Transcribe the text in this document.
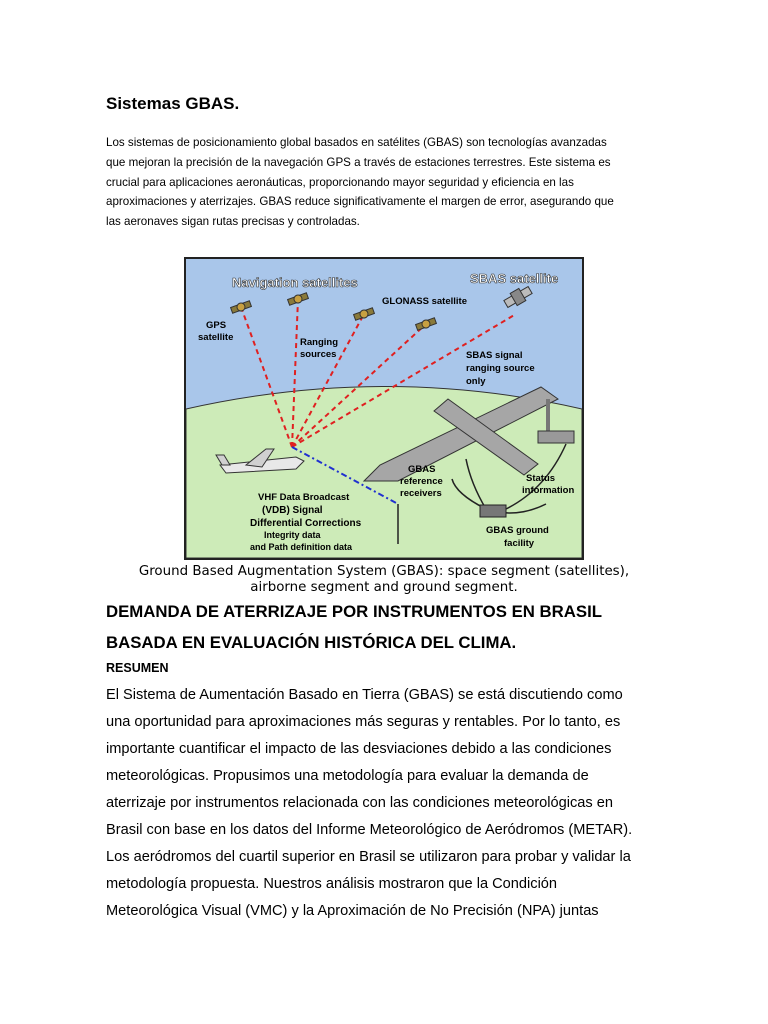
Sistemas GBAS.
Los sistemas de posicionamiento global basados en satélites (GBAS) son tecnologías avanzadas
que mejoran la precisión de la navegación GPS a través de estaciones terrestres. Este sistema es
crucial para aplicaciones aeronáuticas, proporcionando mayor seguridad y eficiencia en las
aproximaciones y aterrizajes. GBAS reduce significativamente el margen de error, asegurando que
las aeronaves sigan rutas precisas y controladas.
Navigation satellites	SBAS satellite
GLONASS satellite
GPS
satellite	Ranging
sources	SBAS signal
ranging source
only
GBAS
reference
receivers
Status
information
GBAS ground
facility
VHF Data Broadcast
(VDB) Signal
Differential Corrections
Integrity data
and Path definition data
Ground Based Augmentation System (GBAS): space segment (satellites),
airborne segment and ground segment.
DEMANDA DE ATERRIZAJE POR INSTRUMENTOS EN BRASIL
BASADA EN EVALUACIÓN HISTÓRICA DEL CLIMA.
RESUMEN
El Sistema de Aumentación Basado en Tierra (GBAS) se está discutiendo como
una oportunidad para aproximaciones más seguras y rentables. Por lo tanto, es
importante cuantificar el impacto de las desviaciones debido a las condiciones
meteorológicas. Propusimos una metodología para evaluar la demanda de
aterrizaje por instrumentos relacionada con las condiciones meteorológicas en
Brasil con base en los datos del Informe Meteorológico de Aeródromos (METAR).
Los aeródromos del cuartil superior en Brasil se utilizaron para probar y validar la
metodología propuesta. Nuestros análisis mostraron que la Condición
Meteorológica Visual (VMC) y la Aproximación de No Precisión (NPA) juntas
